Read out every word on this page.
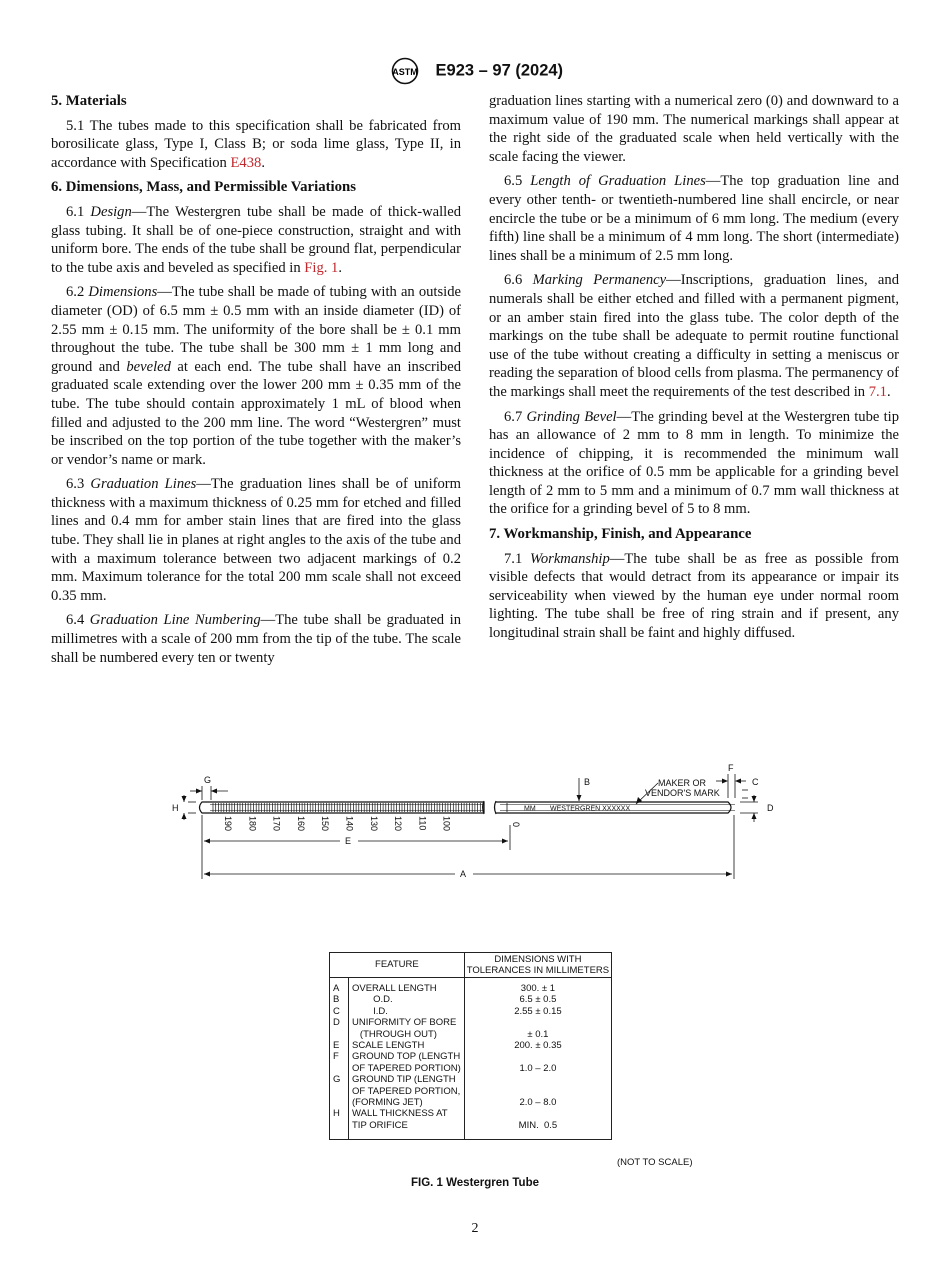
ASTM E923 – 97 (2024)
5. Materials

5.1 The tubes made to this specification shall be fabricated from borosilicate glass, Type I, Class B; or soda lime glass, Type II, in accordance with Specification E438.

6. Dimensions, Mass, and Permissible Variations

6.1 Design—The Westergren tube shall be made of thick-walled glass tubing. It shall be of one-piece construction, straight and with uniform bore. The ends of the tube shall be ground flat, perpendicular to the tube axis and beveled as specified in Fig. 1.

6.2 Dimensions—The tube shall be made of tubing with an outside diameter (OD) of 6.5 mm ± 0.5 mm with an inside diameter (ID) of 2.55 mm ± 0.15 mm. The uniformity of the bore shall be ± 0.1 mm throughout the tube. The tube shall be 300 mm ± 1 mm long and ground and beveled at each end. The tube shall have an inscribed graduated scale extending over the lower 200 mm ± 0.35 mm of the tube. The tube should contain approximately 1 mL of blood when filled and adjusted to the 200 mm line. The word “Westergren” must be inscribed on the top portion of the tube together with the maker’s or vendor’s name or mark.

6.3 Graduation Lines—The graduation lines shall be of uniform thickness with a maximum thickness of 0.25 mm for etched and filled lines and 0.4 mm for amber stain lines that are fired into the glass tube. They shall lie in planes at right angles to the axis of the tube and with a maximum tolerance between two adjacent markings of 0.2 mm. Maximum tolerance for the total 200 mm scale shall not exceed 0.35 mm.

6.4 Graduation Line Numbering—The tube shall be graduated in millimetres with a scale of 200 mm from the tip of the tube. The scale shall be numbered every ten or twenty

graduation lines starting with a numerical zero (0) and downward to a maximum value of 190 mm. The numerical markings shall appear at the right side of the graduated scale when held vertically with the scale facing the viewer.

6.5 Length of Graduation Lines—The top graduation line and every other tenth- or twentieth-numbered line shall encircle, or near encircle the tube or be a minimum of 6 mm long. The medium (every fifth) line shall be a minimum of 4 mm long. The short (intermediate) lines shall be a minimum of 2.5 mm long.

6.6 Marking Permanency—Inscriptions, graduation lines, and numerals shall be either etched and filled with a permanent pigment, or an amber stain fired into the glass tube. The color depth of the markings on the tube shall be adequate to permit routine functional use of the tube without creating a difficulty in setting a meniscus or reading the separation of blood cells from plasma. The permanency of the markings shall meet the requirements of the test described in 7.1.

6.7 Grinding Bevel—The grinding bevel at the Westergren tube tip has an allowance of 2 mm to 8 mm in length. To minimize the incidence of chipping, it is recommended the minimum wall thickness at the orifice of 0.5 mm be applicable for a grinding bevel length of 2 mm to 5 mm and a minimum of 0.7 mm wall thickness at the orifice for a grinding bevel of 5 to 8 mm.

7. Workmanship, Finish, and Appearance

7.1 Workmanship—The tube shall be as free as possible from visible defects that would detract from its appearance or impair its serviceability when viewed by the human eye under normal room lighting. The tube shall be free of ring strain and if present, any longitudinal strain shall be faint and highly diffused.

190 180 170 160 150 140 130 120 110 100	0
MM WESTERGREN XXXXXX
G
H
E
A
B
F
C
D
MAKER OR
VENDOR'S MARK
FEATURE		DIMENSIONS WITH
TOLERANCES IN MILLIMETERS

A	OVERALL LENGTH	300. ± 1

B	O.D.	6.5 ± 0.5

C	I.D.	2.55 ± 0.15

D	UNIFORMITY OF BORE
(THROUGH OUT)	± 0.1

E	SCALE LENGTH	200. ± 0.35

F	GROUND TOP (LENGTH
OF TAPERED PORTION)	1.0 – 2.0

G	GROUND TIP (LENGTH
OF TAPERED PORTION,
(FORMING JET)	2.0 – 8.0

H	WALL THICKNESS AT
TIP ORIFICE	MIN.  0.5
(NOT TO SCALE)
FIG. 1 Westergren Tube
2
